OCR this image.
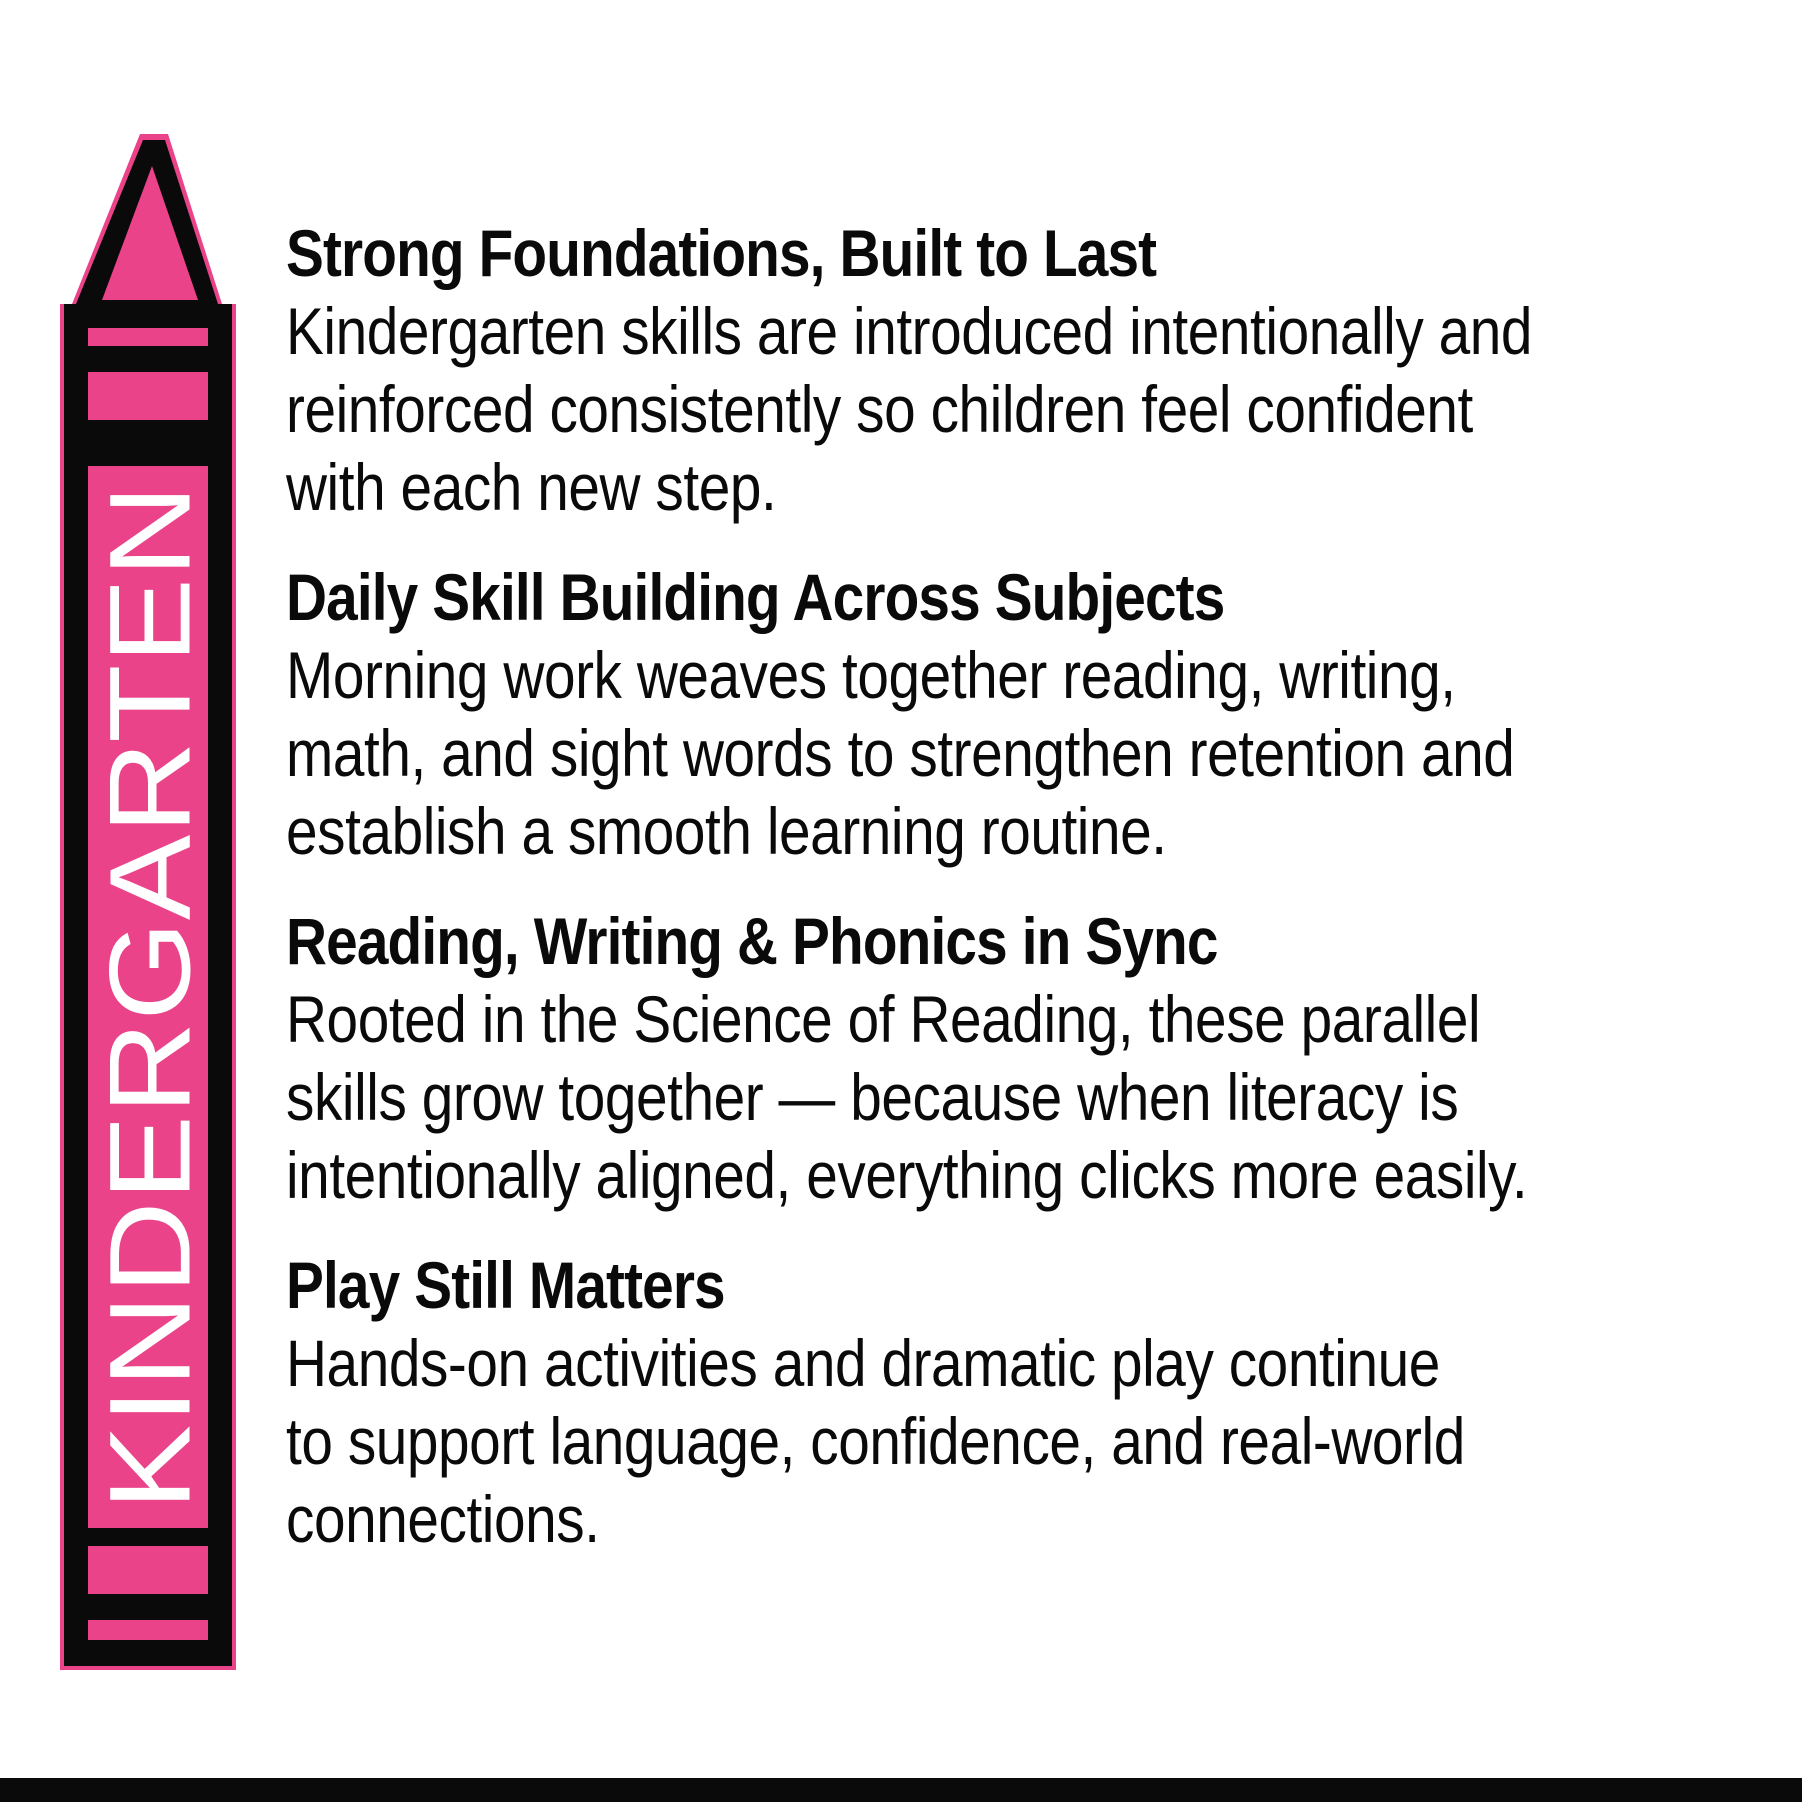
KINDERGARTEN
Strong Foundations, Built to Last
Kindergarten skills are introduced intentionally and
reinforced consistently so children feel confident
with each new step.
Daily Skill Building Across Subjects
Morning work weaves together reading, writing,
math, and sight words to strengthen retention and
establish a smooth learning routine.
Reading, Writing & Phonics in Sync
Rooted in the Science of Reading, these parallel
skills grow together — because when literacy is
intentionally aligned, everything clicks more easily.
Play Still Matters
Hands-on activities and dramatic play continue
to support language, confidence, and real-world
connections.
